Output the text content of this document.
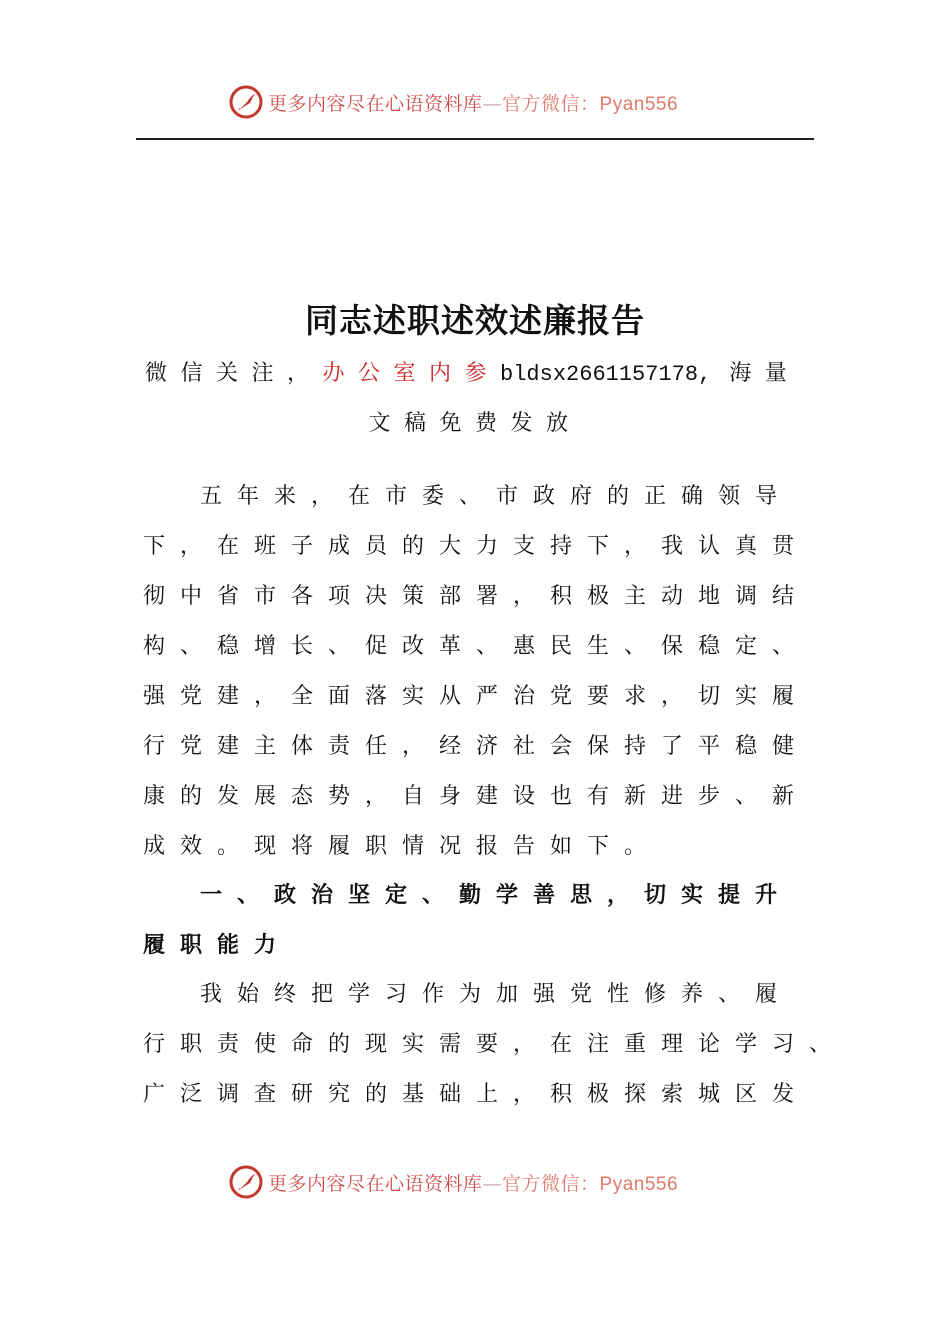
更多内容尽在心语资料库—官方微信：Pyan556
同志述职述效述廉报告
微信关注，办公室内参bldsx2661157178, 海量
文稿免费发放
五年来，在市委、市政府的正确领导
下，在班子成员的大力支持下，我认真贯
彻中省市各项决策部署，积极主动地调结
构、稳增长、促改革、惠民生、保稳定、
强党建，全面落实从严治党要求，切实履
行党建主体责任，经济社会保持了平稳健
康的发展态势，自身建设也有新进步、新
成效。现将履职情况报告如下。
一、政治坚定、勤学善思，切实提升
履职能力
我始终把学习作为加强党性修养、履
行职责使命的现实需要，在注重理论学习、
广泛调查研究的基础上，积极探索城区发
更多内容尽在心语资料库—官方微信：Pyan556
